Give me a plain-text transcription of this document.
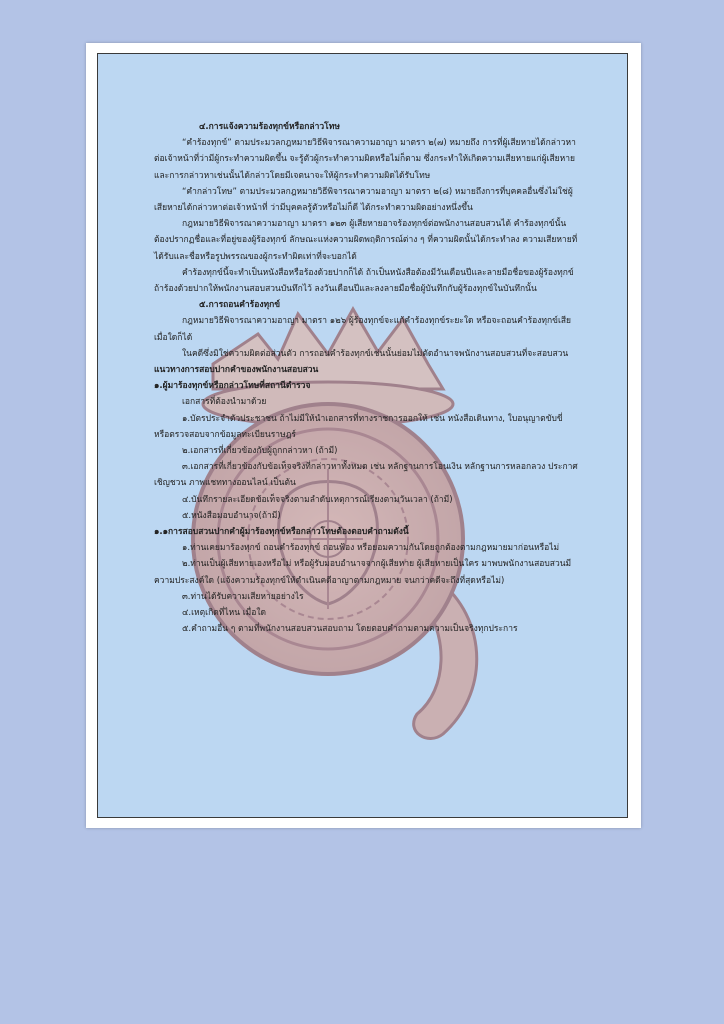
๔.การแจ้งความร้องทุกข์หรือกล่าวโทษ

“คำร้องทุกข์” ตามประมวลกฎหมายวิธีพิจารณาความอาญา มาตรา ๒(๗) หมายถึง การที่ผู้เสียหายได้กล่าวหาต่อเจ้าหน้าที่ว่ามีผู้กระทำความผิดขึ้น จะรู้ตัวผู้กระทำความผิดหรือไม่ก็ตาม ซึ่งกระทำให้เกิดความเสียหายแก่ผู้เสียหาย และการกล่าวหาเช่นนั้นได้กล่าวโดยมีเจตนาจะให้ผู้กระทำความผิดได้รับโทษ

“คำกล่าวโทษ” ตามประมวลกฎหมายวิธีพิจารณาความอาญา มาตรา ๒(๘) หมายถึงการที่บุคคลอื่นซึ่งไม่ใช่ผู้เสียหายได้กล่าวหาต่อเจ้าหน้าที่ ว่ามีบุคคลรู้ตัวหรือไม่ก็ดี ได้กระทำความผิดอย่างหนึ่งขึ้น

กฎหมายวิธีพิจารณาความอาญา มาตรา ๑๒๓ ผู้เสียหายอาจร้องทุกข์ต่อพนักงานสอบสวนได้ คำร้องทุกข์นั้นต้องปรากฏชื่อและที่อยู่ของผู้ร้องทุกข์ ลักษณะแห่งความผิดพฤติการณ์ต่าง ๆ ที่ความผิดนั้นได้กระทำลง ความเสียหายที่ได้รับและชื่อหรือรูปพรรณของผู้กระทำผิดเท่าที่จะบอกได้

คำร้องทุกข์นี้จะทำเป็นหนังสือหรือร้องด้วยปากก็ได้ ถ้าเป็นหนังสือต้องมีวันเดือนปีและลายมือชื่อของผู้ร้องทุกข์ ถ้าร้องด้วยปากให้พนักงานสอบสวนบันทึกไว้ ลงวันเดือนปีและลงลายมือชื่อผู้บันทึกกับผู้ร้องทุกข์ในบันทึกนั้น

๕.การถอนคำร้องทุกข์

กฎหมายวิธีพิจารณาความอาญา มาตรา ๑๒๖ ผู้ร้องทุกข์จะแก้คำร้องทุกข์ระยะใด หรือจะถอนคำร้องทุกข์เสียเมื่อใดก็ได้

ในคดีซึ่งมิใช่ความผิดต่อส่วนตัว การถอนคำร้องทุกข์เช่นนั้นย่อมไม่ตัดอำนาจพนักงานสอบสวนที่จะสอบสวน

แนวทางการสอบปากคำของพนักงานสอบสวน

๑.ผู้มาร้องทุกข์หรือกล่าวโทษที่สถานีตำรวจ

เอกสารที่ต้องนำมาด้วย

๑.บัตรประจำตัวประชาชน ถ้าไม่มีให้นำเอกสารที่ทางราชการออกให้ เช่น หนังสือเดินทาง, ใบอนุญาตขับขี่ หรือตรวจสอบจากข้อมูลทะเบียนราษฎร์

๒.เอกสารที่เกี่ยวข้องกับผู้ถูกกล่าวหา (ถ้ามี)

๓.เอกสารที่เกี่ยวข้องกับข้อเท็จจริงที่กล่าวหาทั้งหมด เช่น หลักฐานการโอนเงิน หลักฐานการหลอกลวง ประกาศเชิญชวน ภาพแชททางออนไลน์ เป็นต้น

๔.บันทึกรายละเอียดข้อเท็จจริงตามลำดับเหตุการณ์เรียงตามวันเวลา (ถ้ามี)

๕.หนังสือมอบอำนาจ(ถ้ามี)

๑.๑การสอบสวนปากคำผู้มาร้องทุกข์หรือกล่าวโทษต้องตอบคำถามดังนี้

๑.ท่านเคยมาร้องทุกข์ ถอนคำร้องทุกข์ ถอนฟ้อง หรือยอมความกันโดยถูกต้องตามกฎหมายมาก่อนหรือไม่

๒.ท่านเป็นผู้เสียหายเองหรือไม่ หรือผู้รับมอบอำนาจจากผู้เสียหาย ผู้เสียหายเป็นใคร มาพบพนักงานสอบสวนมีความประสงค์ใด (แจ้งความร้องทุกข์ให้ดำเนินคดีอาญาตามกฎหมาย จนกว่าคดีจะถึงที่สุดหรือไม่)

๓.ท่านได้รับความเสียหายอย่างไร

๔.เหตุเกิดที่ไหน เมื่อใด

๕.คำถามอื่น ๆ ตามที่พนักงานสอบสวนสอบถาม โดยตอบคำถามตามความเป็นจริงทุกประการ
